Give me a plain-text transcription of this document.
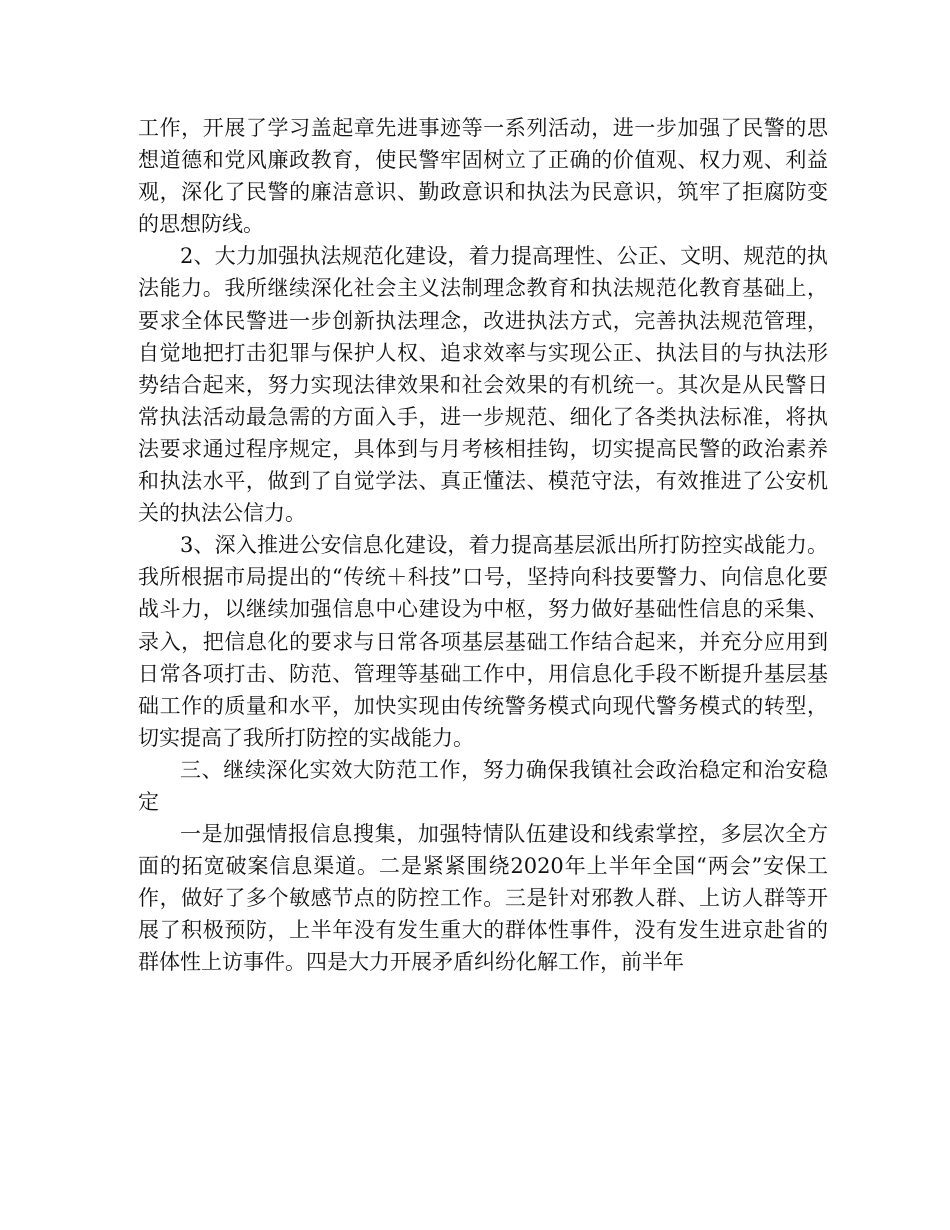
工作，开展了学习盖起章先进事迹等一系列活动，进一步加强了民警的思想道德和党风廉政教育，使民警牢固树立了正确的价值观、权力观、利益观，深化了民警的廉洁意识、勤政意识和执法为民意识，筑牢了拒腐防变的思想防线。

2、大力加强执法规范化建设，着力提高理性、公正、文明、规范的执法能力。我所继续深化社会主义法制理念教育和执法规范化教育基础上，要求全体民警进一步创新执法理念，改进执法方式，完善执法规范管理，自觉地把打击犯罪与保护人权、追求效率与实现公正、执法目的与执法形势结合起来，努力实现法律效果和社会效果的有机统一。其次是从民警日常执法活动最急需的方面入手，进一步规范、细化了各类执法标准，将执法要求通过程序规定，具体到与月考核相挂钩，切实提高民警的政治素养和执法水平，做到了自觉学法、真正懂法、模范守法，有效推进了公安机关的执法公信力。

3、深入推进公安信息化建设，着力提高基层派出所打防控实战能力。我所根据市局提出的“传统＋科技”口号，坚持向科技要警力、向信息化要战斗力，以继续加强信息中心建设为中枢，努力做好基础性信息的采集、录入，把信息化的要求与日常各项基层基础工作结合起来，并充分应用到日常各项打击、防范、管理等基础工作中，用信息化手段不断提升基层基础工作的质量和水平，加快实现由传统警务模式向现代警务模式的转型，切实提高了我所打防控的实战能力。

三、继续深化实效大防范工作，努力确保我镇社会政治稳定和治安稳定

一是加强情报信息搜集，加强特情队伍建设和线索掌控，多层次全方面的拓宽破案信息渠道。二是紧紧围绕2020年上半年全国“两会”安保工作，做好了多个敏感节点的防控工作。三是针对邪教人群、上访人群等开展了积极预防，上半年没有发生重大的群体性事件，没有发生进京赴省的群体性上访事件。四是大力开展矛盾纠纷化解工作，前半年
